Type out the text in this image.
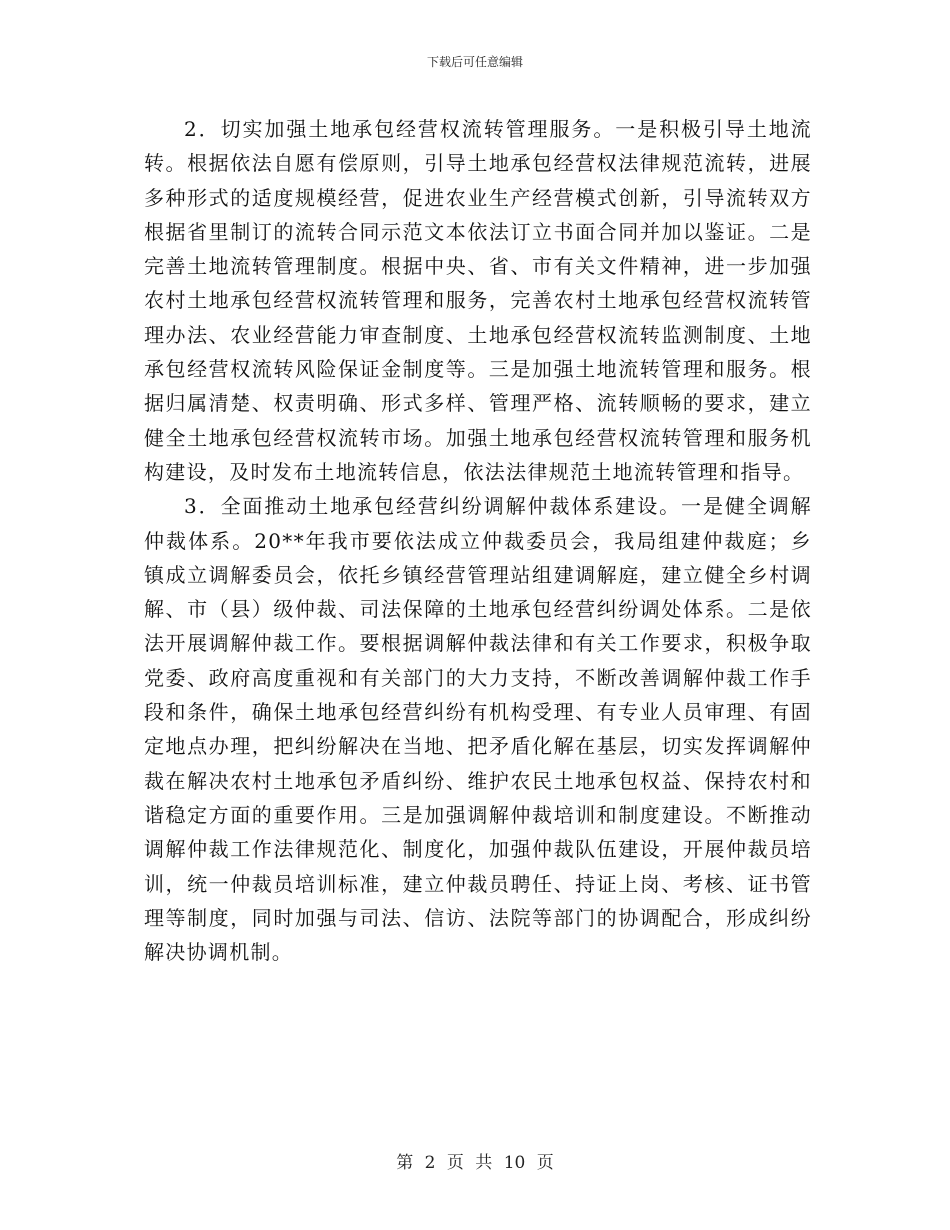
下载后可任意编辑

2．切实加强土地承包经营权流转管理服务。一是积极引导土地流转。根据依法自愿有偿原则，引导土地承包经营权法律规范流转，进展多种形式的适度规模经营，促进农业生产经营模式创新，引导流转双方根据省里制订的流转合同示范文本依法订立书面合同并加以鉴证。二是完善土地流转管理制度。根据中央、省、市有关文件精神，进一步加强农村土地承包经营权流转管理和服务，完善农村土地承包经营权流转管理办法、农业经营能力审查制度、土地承包经营权流转监测制度、土地承包经营权流转风险保证金制度等。三是加强土地流转管理和服务。根据归属清楚、权责明确、形式多样、管理严格、流转顺畅的要求，建立健全土地承包经营权流转市场。加强土地承包经营权流转管理和服务机构建设，及时发布土地流转信息，依法法律规范土地流转管理和指导。

3．全面推动土地承包经营纠纷调解仲裁体系建设。一是健全调解仲裁体系。20**年我市要依法成立仲裁委员会，我局组建仲裁庭；乡镇成立调解委员会，依托乡镇经营管理站组建调解庭，建立健全乡村调解、市（县）级仲裁、司法保障的土地承包经营纠纷调处体系。二是依法开展调解仲裁工作。要根据调解仲裁法律和有关工作要求，积极争取党委、政府高度重视和有关部门的大力支持，不断改善调解仲裁工作手段和条件，确保土地承包经营纠纷有机构受理、有专业人员审理、有固定地点办理，把纠纷解决在当地、把矛盾化解在基层，切实发挥调解仲裁在解决农村土地承包矛盾纠纷、维护农民土地承包权益、保持农村和谐稳定方面的重要作用。三是加强调解仲裁培训和制度建设。不断推动调解仲裁工作法律规范化、制度化，加强仲裁队伍建设，开展仲裁员培训，统一仲裁员培训标准，建立仲裁员聘任、持证上岗、考核、证书管理等制度，同时加强与司法、信访、法院等部门的协调配合，形成纠纷解决协调机制。

第 2 页 共 10 页
